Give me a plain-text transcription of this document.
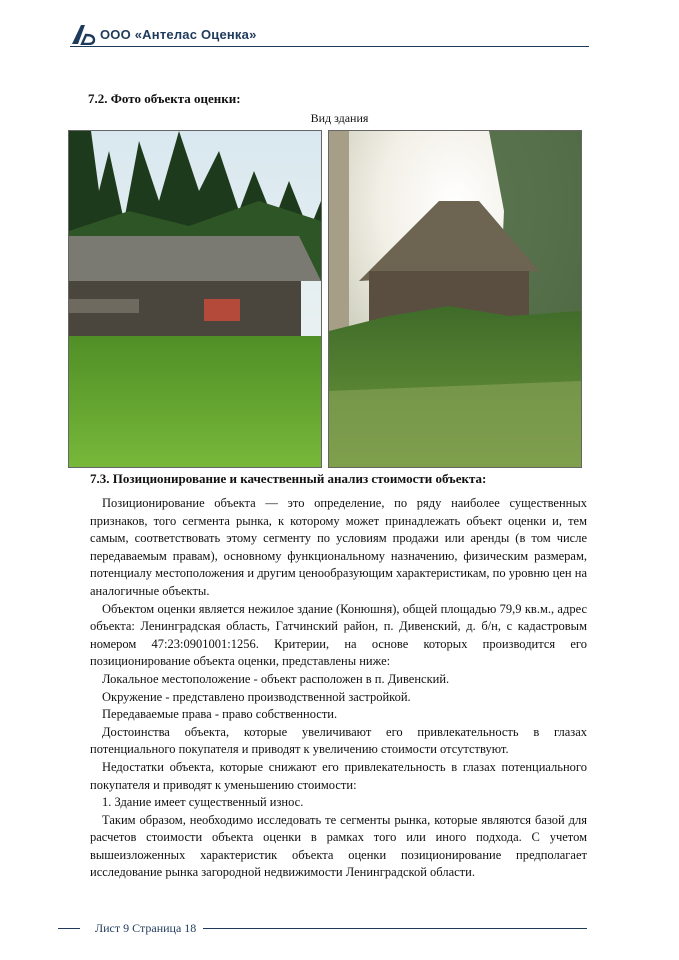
ООО «Антелас Оценка»
7.2. Фото объекта оценки:
Вид здания
7.3. Позиционирование и качественный анализ стоимости объекта:

Позиционирование объекта — это определение, по ряду наиболее существенных признаков, того сегмента рынка, к которому может принадлежать объект оценки и, тем самым, соответствовать этому сегменту по условиям продажи или аренды (в том числе передаваемым правам), основному функциональному назначению, физическим размерам, потенциалу местоположения и другим ценообразующим характеристикам, по уровню цен на аналогичные объекты.

Объектом оценки является нежилое здание (Конюшня), общей площадью 79,9 кв.м., адрес объекта: Ленинградская область, Гатчинский район, п. Дивенский, д. б/н, с кадастровым номером 47:23:0901001:1256. Критерии, на основе которых производится его позиционирование объекта оценки, представлены ниже:

Локальное местоположение - объект расположен в п. Дивенский.

Окружение - представлено производственной застройкой.

Передаваемые права - право собственности.

Достоинства объекта, которые увеличивают его привлекательность в глазах потенциального покупателя и приводят к увеличению стоимости отсутствуют.

Недостатки объекта, которые снижают его привлекательность в глазах потенциального покупателя и приводят к уменьшению стоимости:

1. Здание имеет существенный износ.

Таким образом, необходимо исследовать те сегменты рынка, которые являются базой для расчетов стоимости объекта оценки в рамках того или иного подхода. С учетом вышеизложенных характеристик объекта оценки позиционирование предполагает исследование рынка загородной недвижимости Ленинградской области.

Лист 9 Страница 18
